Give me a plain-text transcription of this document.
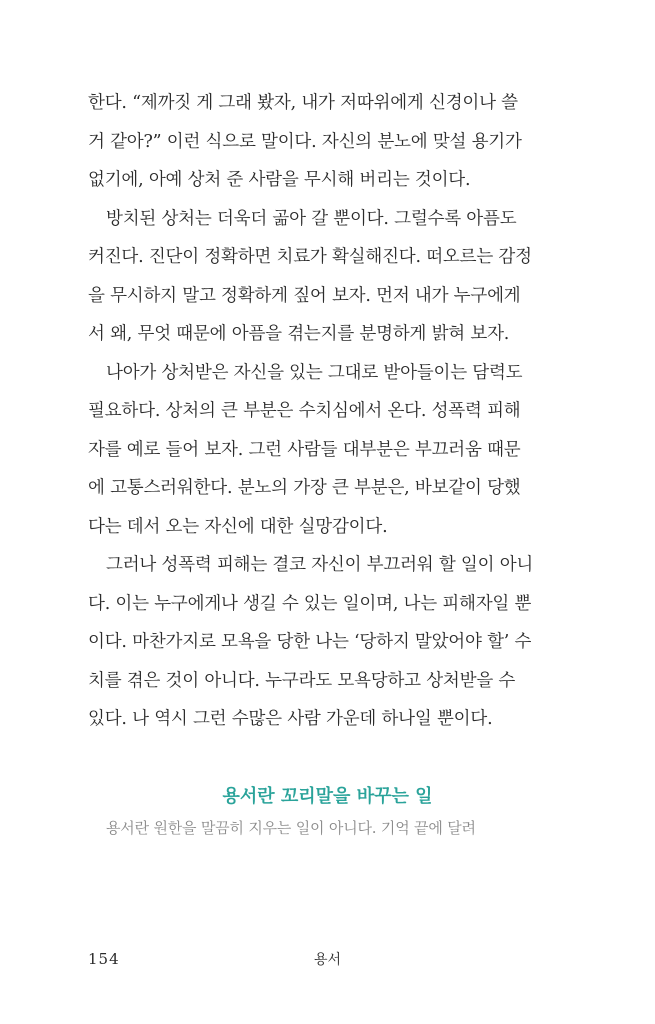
한다. “제까짓 게 그래 봤자, 내가 저따위에게 신경이나 쓸
거 같아?” 이런 식으로 말이다. 자신의 분노에 맞설 용기가
없기에, 아예 상처 준 사람을 무시해 버리는 것이다.
방치된 상처는 더욱더 곪아 갈 뿐이다. 그럴수록 아픔도
커진다. 진단이 정확하면 치료가 확실해진다. 떠오르는 감정
을 무시하지 말고 정확하게 짚어 보자. 먼저 내가 누구에게
서 왜, 무엇 때문에 아픔을 겪는지를 분명하게 밝혀 보자.
나아가 상처받은 자신을 있는 그대로 받아들이는 담력도
필요하다. 상처의 큰 부분은 수치심에서 온다. 성폭력 피해
자를 예로 들어 보자. 그런 사람들 대부분은 부끄러움 때문
에 고통스러워한다. 분노의 가장 큰 부분은, 바보같이 당했
다는 데서 오는 자신에 대한 실망감이다.
그러나 성폭력 피해는 결코 자신이 부끄러워 할 일이 아니
다. 이는 누구에게나 생길 수 있는 일이며, 나는 피해자일 뿐
이다. 마찬가지로 모욕을 당한 나는 ‘당하지 말았어야 할’ 수
치를 겪은 것이 아니다. 누구라도 모욕당하고 상처받을 수
있다. 나 역시 그런 수많은 사람 가운데 하나일 뿐이다.
용서란 꼬리말을 바꾸는 일
용서란 원한을 말끔히 지우는 일이 아니다. 기억 끝에 달려
154	용서
